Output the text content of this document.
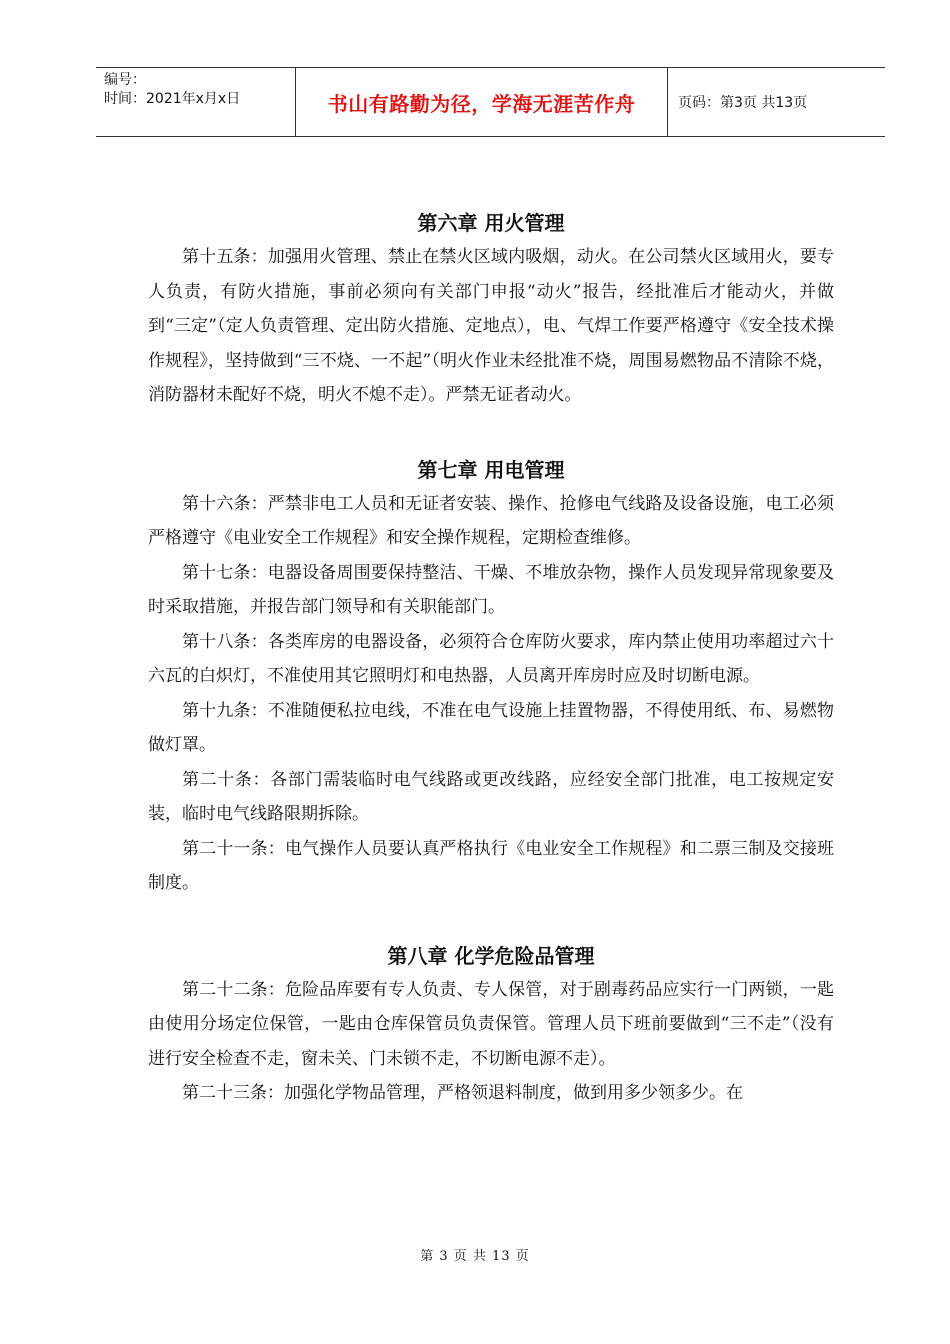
编号：
时间：2021年x月x日	书山有路勤为径，学海无涯苦作舟	页码：第3页 共13页
第六章 用火管理

第十五条：加强用火管理、禁止在禁火区域内吸烟，动火。在公司禁火区域用火，要专人负责，有防火措施，事前必须向有关部门申报“动火”报告，经批准后才能动火，并做到“三定”（定人负责管理、定出防火措施、定地点），电、气焊工作要严格遵守《安全技术操作规程》，坚持做到“三不烧、一不起”（明火作业未经批准不烧，周围易燃物品不清除不烧，消防器材未配好不烧，明火不熄不走）。严禁无证者动火。

第七章 用电管理

第十六条：严禁非电工人员和无证者安装、操作、抢修电气线路及设备设施，电工必须严格遵守《电业安全工作规程》和安全操作规程，定期检查维修。

第十七条：电器设备周围要保持整洁、干燥、不堆放杂物，操作人员发现异常现象要及时采取措施，并报告部门领导和有关职能部门。

第十八条：各类库房的电器设备，必须符合仓库防火要求，库内禁止使用功率超过六十六瓦的白炽灯，不准使用其它照明灯和电热器，人员离开库房时应及时切断电源。

第十九条：不准随便私拉电线，不准在电气设施上挂置物器，不得使用纸、布、易燃物做灯罩。

第二十条：各部门需装临时电气线路或更改线路，应经安全部门批准，电工按规定安装，临时电气线路限期拆除。

第二十一条：电气操作人员要认真严格执行《电业安全工作规程》和二票三制及交接班制度。

第八章 化学危险品管理

第二十二条：危险品库要有专人负责、专人保管，对于剧毒药品应实行一门两锁，一匙由使用分场定位保管，一匙由仓库保管员负责保管。管理人员下班前要做到“三不走”（没有进行安全检查不走，窗未关、门未锁不走，不切断电源不走）。

第二十三条：加强化学物品管理，严格领退料制度，做到用多少领多少。在

第 3 页 共 13 页
